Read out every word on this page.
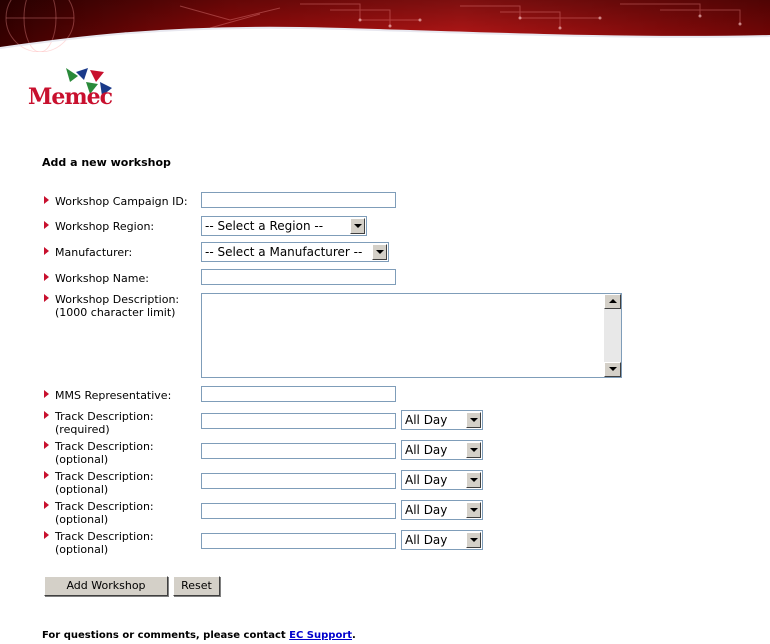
Memec
Add a new workshop
Workshop Campaign ID:
Workshop Region:	-- Select a Region --
Manufacturer:	-- Select a Manufacturer --
Workshop Name:
Workshop Description:
(1000 character limit)
MMS Representative:
Track Description:
(required)
All Day
Track Description:
(optional)
All Day
Track Description:
(optional)
All Day
Track Description:
(optional)
All Day
Track Description:
(optional)
All Day
Add Workshop	Reset
For questions or comments, please contact EC Support.
